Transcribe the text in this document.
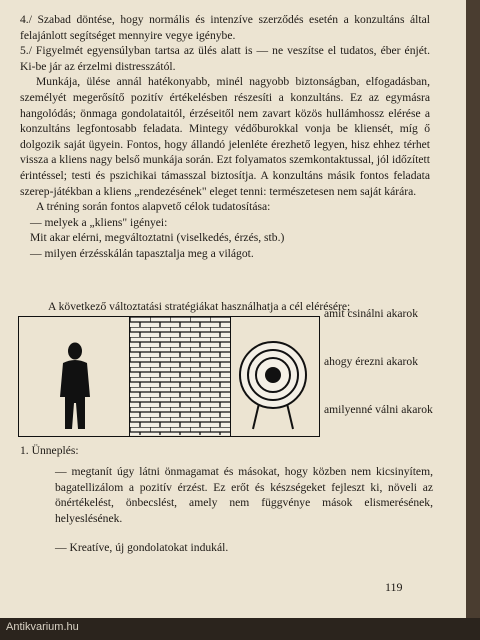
4./ Szabad döntése, hogy normális és intenzíve szerződés esetén a konzultáns által felajánlott segítséget mennyire vegye igénybe.

5./ Figyelmét egyensúlyban tartsa az ülés alatt is — ne veszítse el tudatos, éber énjét. Ki-be jár az érzelmi distresszától.

Munkája, ülése annál hatékonyabb, minél nagyobb biztonságban, elfogadásban, személyét megerősítő pozitív értékelésben részesíti a konzultáns. Ez az egymásra hangolódás; önmaga gondolataitól, érzéseitől nem zavart közös hullámhossz elérése a konzultáns legfontosabb feladata. Mintegy védőburokkal vonja be kliensét, míg ő dolgozik saját ügyein. Fontos, hogy állandó jelenléte érezhető legyen, hisz ehhez térhet vissza a kliens nagy belső munkája során. Ezt folyamatos szemkontaktussal, jól időzített érintéssel; testi és pszichikai támasszal biztosítja. A konzultáns másik fontos feladata szerep-játékban a kliens „rendezésének" eleget tenni: természetesen nem saját kárára.

A tréning során fontos alapvető célok tudatosítása:

— melyek a „kliens" igényei:

Mit akar elérni, megváltoztatni (viselkedés, érzés, stb.)

— milyen érzésskálán tapasztalja meg a világot.

A következő változtatási stratégiákat használhatja a cél elérésére;
amit csinálni akarok
ahogy érezni akarok
amilyenné válni akarok
1. Ünneplés:

— megtanít úgy látni önmagamat és másokat, hogy közben nem kicsinyítem, bagatellizálom a pozitív érzést. Ez erőt és készségeket fejleszt ki, növeli az önértékelést, önbecslést, amely nem függvénye mások elismerésének, helyeslésének.

— Kreatíve, új gondolatokat indukál.

119
Antikvarium.hu
